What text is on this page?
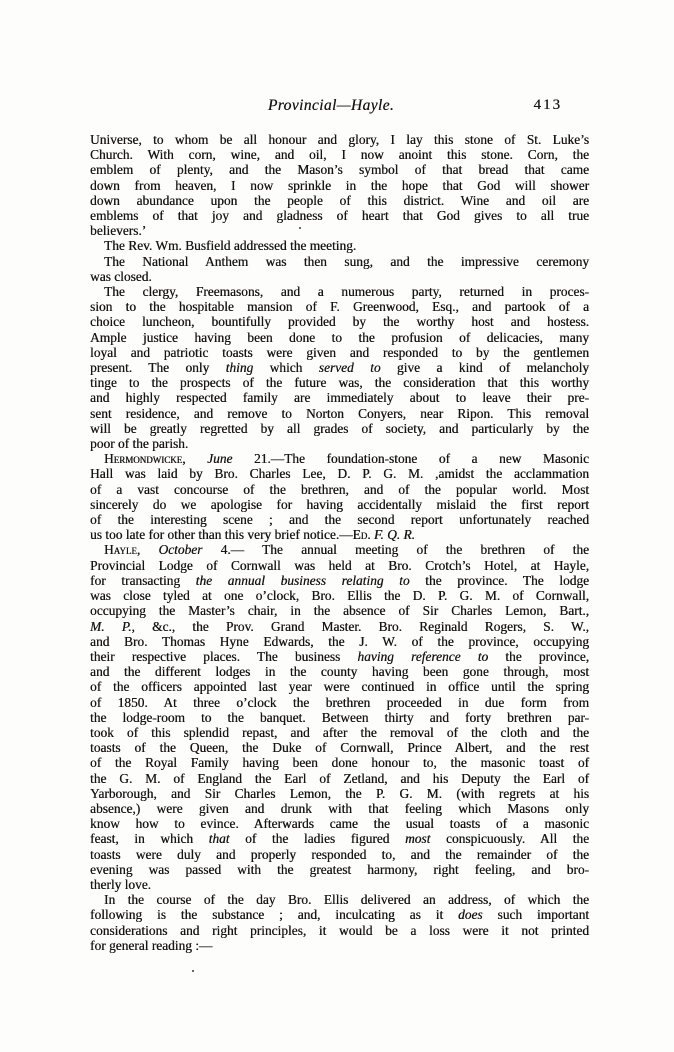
Provincial—Hayle.	413
Universe, to whom be all honour and glory, I lay this stone of St. Luke’s
Church. With corn, wine, and oil, I now anoint this stone. Corn, the
emblem of plenty, and the Mason’s symbol of that bread that came
down from heaven, I now sprinkle in the hope that God will shower
down abundance upon the people of this district. Wine and oil are
emblems of that joy and gladness of heart that God gives to all true
believers.’
The Rev. Wm. Busfield addressed the meeting.
The National Anthem was then sung, and the impressive ceremony
was closed.
The clergy, Freemasons, and a numerous party, returned in proces-
sion to the hospitable mansion of F. Greenwood, Esq., and partook of a
choice luncheon, bountifully provided by the worthy host and hostess.
Ample justice having been done to the profusion of delicacies, many
loyal and patriotic toasts were given and responded to by the gentlemen
present. The only thing which served to give a kind of melancholy
tinge to the prospects of the future was, the consideration that this worthy
and highly respected family are immediately about to leave their pre-
sent residence, and remove to Norton Conyers, near Ripon. This removal
will be greatly regretted by all grades of society, and particularly by the
poor of the parish.
Hermondwicke, June 21.—The foundation-stone of a new Masonic
Hall was laid by Bro. Charles Lee, D. P. G. M. ,amidst the acclammation
of a vast concourse of the brethren, and of the popular world. Most
sincerely do we apologise for having accidentally mislaid the first report
of the interesting scene ; and the second report unfortunately reached
us too late for other than this very brief notice.—Ed. F. Q. R.
Hayle, October 4.— The annual meeting of the brethren of the
Provincial Lodge of Cornwall was held at Bro. Crotch’s Hotel, at Hayle,
for transacting the annual business relating to the province. The lodge
was close tyled at one o’clock, Bro. Ellis the D. P. G. M. of Cornwall,
occupying the Master’s chair, in the absence of Sir Charles Lemon, Bart.,
M. P., &c., the Prov. Grand Master. Bro. Reginald Rogers, S. W.,
and Bro. Thomas Hyne Edwards, the J. W. of the province, occupying
their respective places. The business having reference to the province,
and the different lodges in the county having been gone through, most
of the officers appointed last year were continued in office until the spring
of 1850. At three o’clock the brethren proceeded in due form from
the lodge-room to the banquet. Between thirty and forty brethren par-
took of this splendid repast, and after the removal of the cloth and the
toasts of the Queen, the Duke of Cornwall, Prince Albert, and the rest
of the Royal Family having been done honour to, the masonic toast of
the G. M. of England the Earl of Zetland, and his Deputy the Earl of
Yarborough, and Sir Charles Lemon, the P. G. M. (with regrets at his
absence,) were given and drunk with that feeling which Masons only
know how to evince. Afterwards came the usual toasts of a masonic
feast, in which that of the ladies figured most conspicuously. All the
toasts were duly and properly responded to, and the remainder of the
evening was passed with the greatest harmony, right feeling, and bro-
therly love.
In the course of the day Bro. Ellis delivered an address, of which the
following is the substance ; and, inculcating as it does such important
considerations and right principles, it would be a loss were it not printed
for general reading :—
